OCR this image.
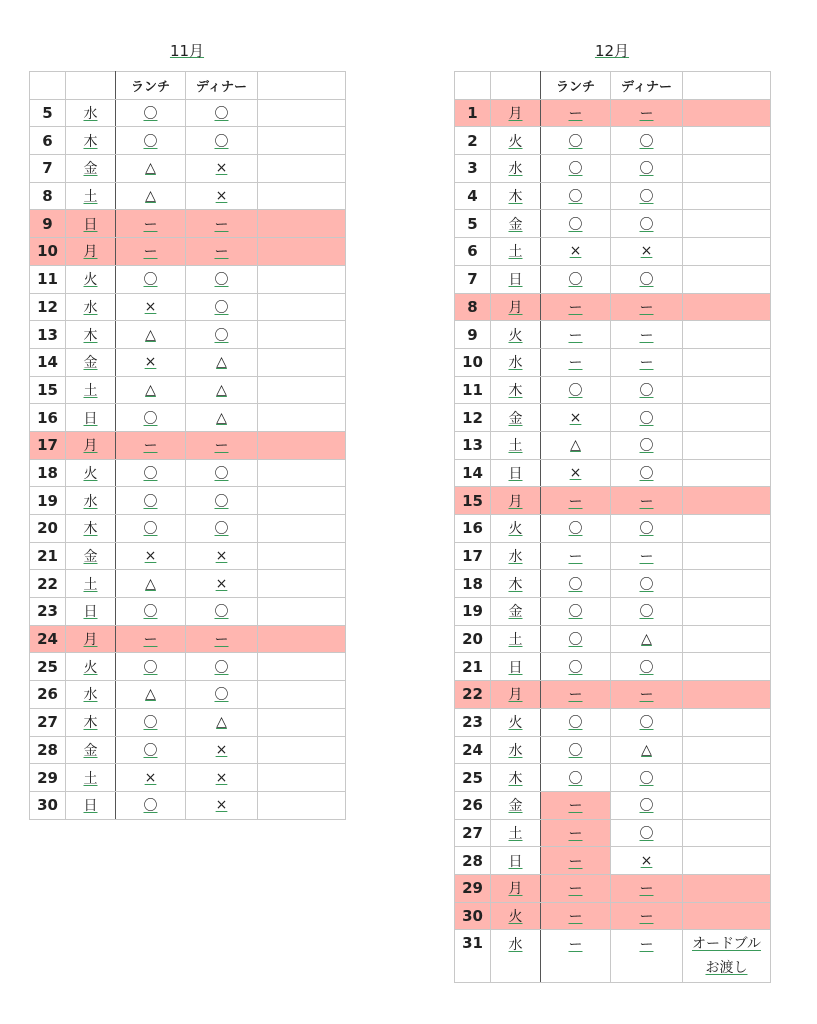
11月
		ランチ	ディナー	
5	水	〇	〇	
6	木	〇	〇	
7	金	△	×	
8	土	△	×	
9	日	ー	ー	
10	月	ー	ー	
11	火	〇	〇	
12	水	×	〇	
13	木	△	〇	
14	金	×	△	
15	土	△	△	
16	日	〇	△	
17	月	ー	ー	
18	火	〇	〇	
19	水	〇	〇	
20	木	〇	〇	
21	金	×	×	
22	土	△	×	
23	日	〇	〇	
24	月	ー	ー	
25	火	〇	〇	
26	水	△	〇	
27	木	〇	△	
28	金	〇	×	
29	土	×	×	
30	日	〇	×	
12月
		ランチ	ディナー	
1	月	ー	ー	
2	火	〇	〇	
3	水	〇	〇	
4	木	〇	〇	
5	金	〇	〇	
6	土	×	×	
7	日	〇	〇	
8	月	ー	ー	
9	火	ー	ー	
10	水	ー	ー	
11	木	〇	〇	
12	金	×	〇	
13	土	△	〇	
14	日	×	〇	
15	月	ー	ー	
16	火	〇	〇	
17	水	ー	ー	
18	木	〇	〇	
19	金	〇	〇	
20	土	〇	△	
21	日	〇	〇	
22	月	ー	ー	
23	火	〇	〇	
24	水	〇	△	
25	木	〇	〇	
26	金	ー	〇	
27	土	ー	〇	
28	日	ー	×	
29	月	ー	ー	
30	火	ー	ー	
31	水	ー	ー	オードブル
お渡し
